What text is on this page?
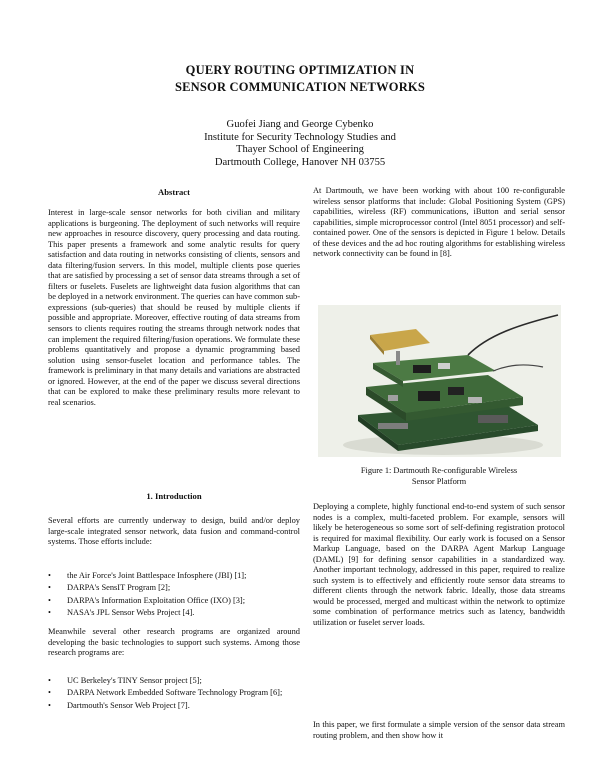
QUERY ROUTING OPTIMIZATION IN
SENSOR COMMUNICATION NETWORKS
Guofei Jiang and George Cybenko
Institute for Security Technology Studies and
Thayer School of Engineering
Dartmouth College, Hanover NH 03755
Abstract
Interest in large-scale sensor networks for both civilian and military applications is burgeoning. The deployment of such networks will require new approaches in resource discovery, query processing and data routing. This paper presents a framework and some analytic results for query satisfaction and data routing in networks consisting of clients, sensors and data filtering/fusion servers. In this model, multiple clients pose queries that are satisfied by processing a set of sensor data streams through a set of filters or fuselets. Fuselets are lightweight data fusion algorithms that can be deployed in a network environment. The queries can have common sub-expressions (sub-queries) that should be reused by multiple clients if possible and appropriate. Moreover, effective routing of data streams from sensors to clients requires routing the streams through network nodes that can implement the required filtering/fusion operations. We formulate these problems quantitatively and propose a dynamic programming based solution using sensor-fuselet location and performance tables. The framework is preliminary in that many details and variations are abstracted or ignored. However, at the end of the paper we discuss several directions that can be explored to make these preliminary results more relevant to real scenarios.
1. Introduction
Several efforts are currently underway to design, build and/or deploy large-scale integrated sensor network, data fusion and command-control systems. Those efforts include:
• the Air Force's Joint Battlespace Infosphere (JBI) [1];
• DARPA's SensIT Program [2];
• DARPA's Information Exploitation Office (IXO) [3];
• NASA's JPL Sensor Webs Project [4].
Meanwhile several other research programs are organized around developing the basic technologies to support such systems. Among those research programs are:
• UC Berkeley's TINY Sensor project [5];
• DARPA Network Embedded Software Technology Program [6];
• Dartmouth's Sensor Web Project [7].
At Dartmouth, we have been working with about 100 re-configurable wireless sensor platforms that include: Global Positioning System (GPS) capabilities, wireless (RF) communications, iButton and serial sensor capabilities, simple microprocessor control (Intel 8051 processor) and self-contained power. One of the sensors is depicted in Figure 1 below. Details of these devices and the ad hoc routing algorithms for establishing wireless network connectivity can be found in [8].
Deploying a complete, highly functional end-to-end system of such sensor nodes is a complex, multi-faceted problem. For example, sensors will likely be heterogeneous so some sort of self-defining registration protocol is required for maximal flexibility. Our early work is focused on a Sensor Markup Language, based on the DARPA Agent Markup Language (DAML) [9] for defining sensor capabilities in a standardized way. Another important technology, addressed in this paper, required to realize such system is to effectively and efficiently route sensor data streams to different clients through the network fabric. Ideally, those data streams would be processed, merged and multicast within the network to optimize some combination of performance metrics such as latency, bandwidth utilization or fuselet server loads.
In this paper, we first formulate a simple version of the sensor data stream routing problem, and then show how it
Figure 1: Dartmouth Re-configurable Wireless
Sensor Platform
